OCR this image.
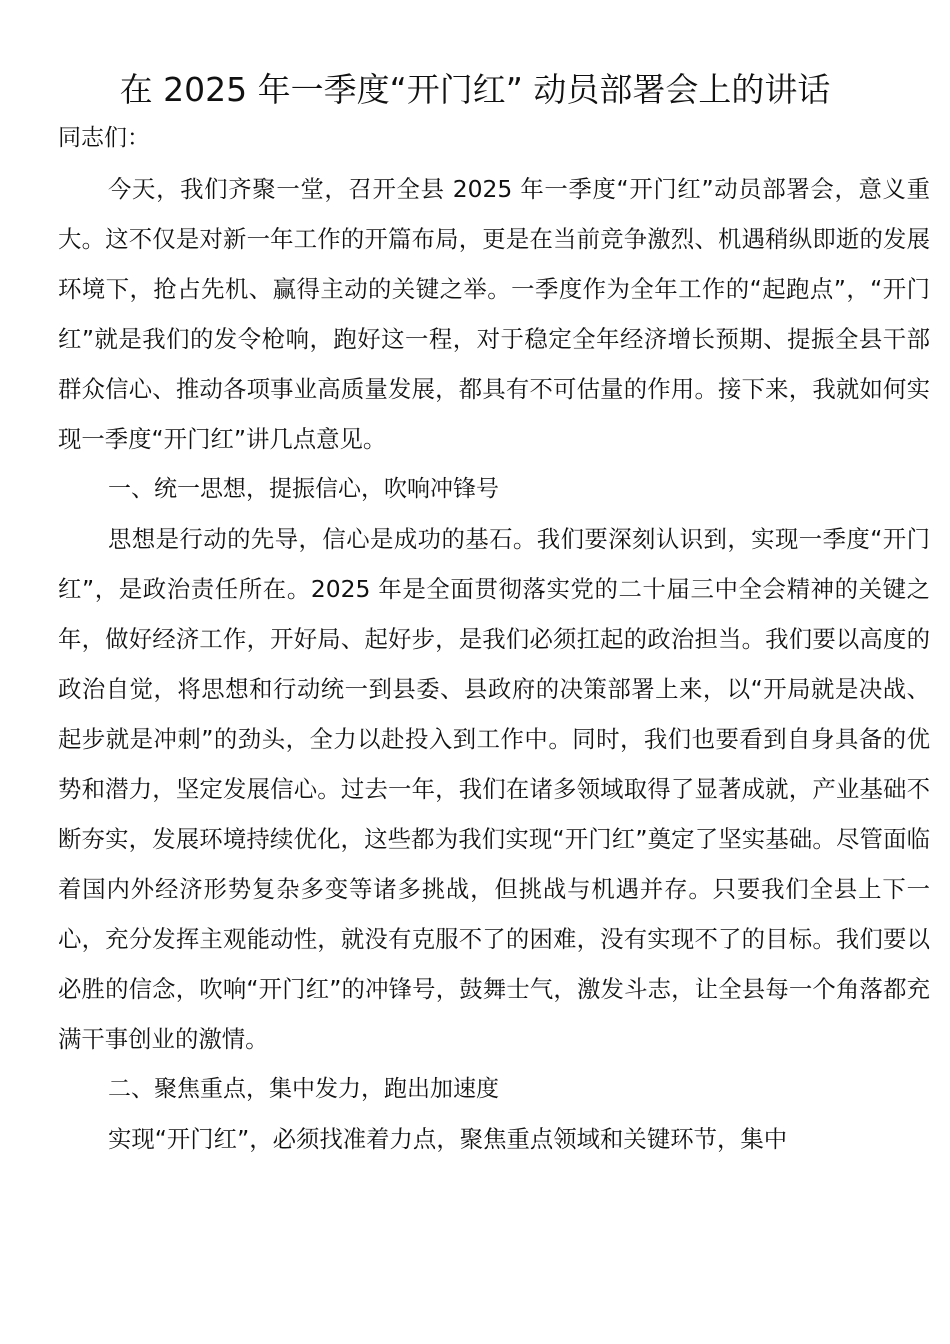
在 2025 年一季度“开门红” 动员部署会上的讲话

同志们：

今天，我们齐聚一堂，召开全县 2025 年一季度“开门红”动员部署会，意义重大。这不仅是对新一年工作的开篇布局，更是在当前竞争激烈、机遇稍纵即逝的发展环境下，抢占先机、赢得主动的关键之举。一季度作为全年工作的“起跑点”，“开门红”就是我们的发令枪响，跑好这一程，对于稳定全年经济增长预期、提振全县干部群众信心、推动各项事业高质量发展，都具有不可估量的作用。接下来，我就如何实现一季度“开门红”讲几点意见。

一、统一思想，提振信心，吹响冲锋号

思想是行动的先导，信心是成功的基石。我们要深刻认识到，实现一季度“开门红”，是政治责任所在。2025 年是全面贯彻落实党的二十届三中全会精神的关键之年，做好经济工作，开好局、起好步，是我们必须扛起的政治担当。我们要以高度的政治自觉，将思想和行动统一到县委、县政府的决策部署上来，以“开局就是决战、起步就是冲刺”的劲头，全力以赴投入到工作中。同时，我们也要看到自身具备的优势和潜力，坚定发展信心。过去一年，我们在诸多领域取得了显著成就，产业基础不断夯实，发展环境持续优化，这些都为我们实现“开门红”奠定了坚实基础。尽管面临着国内外经济形势复杂多变等诸多挑战，但挑战与机遇并存。只要我们全县上下一心，充分发挥主观能动性，就没有克服不了的困难，没有实现不了的目标。我们要以必胜的信念，吹响“开门红”的冲锋号，鼓舞士气，激发斗志，让全县每一个角落都充满干事创业的激情。

二、聚焦重点，集中发力，跑出加速度

实现“开门红”，必须找准着力点，聚焦重点领域和关键环节，集中
